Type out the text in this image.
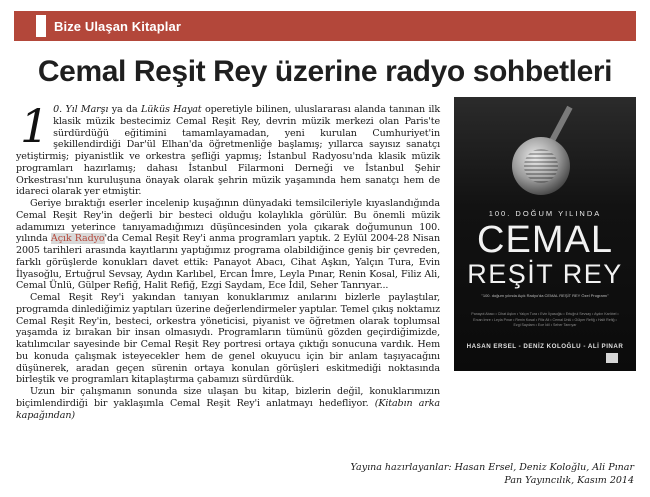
Bize Ulaşan Kitaplar
Cemal Reşit Rey üzerine radyo sohbetleri

1 0. Yıl Marşı ya da Lüküs Hayat operetiyle bilinen, uluslararası alanda tanınan ilk klasik müzik bestecimiz Cemal Reşit Rey, devrin müzik merkezi olan Paris'te sürdürdüğü eğitimini tamamlayamadan, yeni kurulan Cumhuriyet'in şekillendirdiği Dar'ül Elhan'da öğretmenliğe başlamış; yıllarca sayısız sanatçı yetiştirmiş; piyanistlik ve orkestra şefliği yapmış; İstanbul Radyosu'nda klasik müzik programları hazırlamış; dahası İstanbul Filarmoni Derneği ve İstanbul Şehir Orkestrası'nın kuruluşuna önayak olarak şehrin müzik yaşamında hem sanatçı hem de idareci olarak yer etmiştir.

Geriye bıraktığı eserler incelenip kuşağının dünyadaki temsilcileriyle kıyaslandığında Cemal Reşit Rey'in değerli bir besteci olduğu kolaylıkla görülür. Bu önemli müzik adamımızı yeterince tanıyamadığımızı düşüncesinden yola çıkarak doğumunun 100. yılında Açık Radyo'da Cemal Reşit Rey'i anma programları yaptık. 2 Eylül 2004-28 Nisan 2005 tarihleri arasında kayıtlarını yaptığımız programa olabildiğince geniş bir çevreden, farklı görüşlerde konukları davet ettik: Panayot Abacı, Cihat Aşkın, Yalçın Tura, Evin İlyasoğlu, Ertuğrul Sevsay, Aydın Karlıbel, Ercan İmre, Leyla Pınar, Renin Kosal, Filiz Ali, Cemal Ünlü, Gülper Refiğ, Halit Refiğ, Ezgi Saydam, Ece İdil, Seher Tanrıyar...

Cemal Reşit Rey'i yakından tanıyan konuklarımız anılarını bizlerle paylaştılar, programda dinlediğimiz yaptıları üzerine değerlendirmeler yaptılar. Temel çıkış noktamız Cemal Reşit Rey'in, besteci, orkestra yöneticisi, piyanist ve öğretmen olarak toplumsal yaşamda iz bırakan bir insan olmasıydı. Programların tümünü gözden geçirdiğimizde, katılımcılar sayesinde bir Cemal Reşit Rey portresi ortaya çıktığı sonucuna vardık. Hem bu konuda çalışmak isteyecekler hem de genel okuyucu için bir anlam taşıyacağını düşünerek, aradan geçen sürenin ortaya konulan görüşleri eskitmediği noktasında birleştik ve programları kitaplaştırma çabamızı sürdürdük.

Uzun bir çalışmanın sonunda size ulaşan bu kitap, bizlerin değil, konuklarımızın biçimlendirdiği bir yaklaşımla Cemal Reşit Rey'i anlatmayı hedefliyor. (Kitabın arka kapağından)

100. DOĞUM YILINDA
CEMAL
REŞİT REY
"100. doğum yılında Açık Radyo'da CEMAL REŞİT REY Özel Programı"
Panayot Abacı • Cihat Aşkın • Yalçın Tura • Evin İlyasoğlu • Ertuğrul Sevsay • Aydın Karlıbel • Ercan İmre • Leyla Pınar • Renin Kosal • Filiz Ali • Cemal Ünlü • Gülper Refiğ • Halit Refiğ • Ezgi Saydam • Ece İdil • Seher Tanrıyar
HASAN ERSEL - DENİZ KOLOĞLU - ALİ PINAR
Yayına hazırlayanlar: Hasan Ersel, Deniz Koloğlu, Ali Pınar
Pan Yayıncılık, Kasım 2014
